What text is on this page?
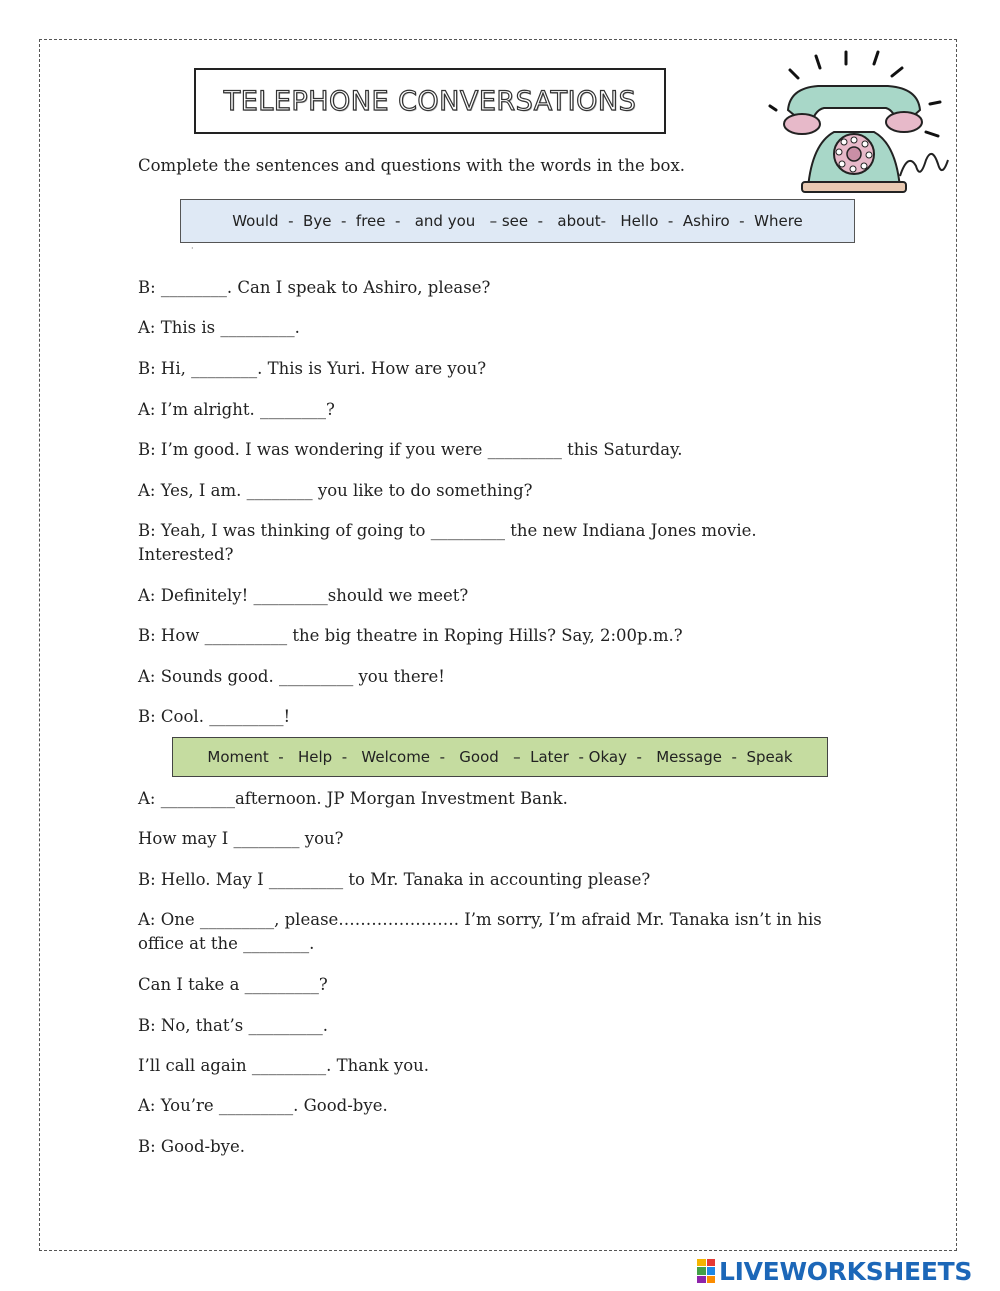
TELEPHONE CONVERSATIONS
Complete the sentences and questions with the words in the box.
Would  -  Bye  -  free  -   and you   – see  -   about-   Hello  -  Ashiro  -  Where
·
B: ________. Can I speak to Ashiro, please?
A: This is _________.
B: Hi, ________. This is Yuri. How are you?
A: I’m alright. ________?
B: I’m good. I was wondering if you were _________ this Saturday.
A: Yes, I am. ________ you like to do something?
B: Yeah, I was thinking of going to _________ the new Indiana Jones movie. Interested?
A: Definitely! _________should we meet?
B: How __________ the big theatre in Roping Hills? Say, 2:00p.m.?
A: Sounds good. _________ you there!
B: Cool. _________!
Moment  -   Help  -   Welcome  -   Good   –  Later  - Okay  -   Message  -  Speak
A: _________afternoon. JP Morgan Investment Bank.
How may I ________ you?
B: Hello. May I _________ to Mr. Tanaka in accounting please?
A: One _________, please…………………. I’m sorry, I’m afraid Mr. Tanaka isn’t in his office at the ________.
Can I take a _________?
B: No, that’s _________.
I’ll call again _________. Thank you.
A: You’re _________. Good-bye.
B: Good-bye.
LIVEWORKSHEETS
